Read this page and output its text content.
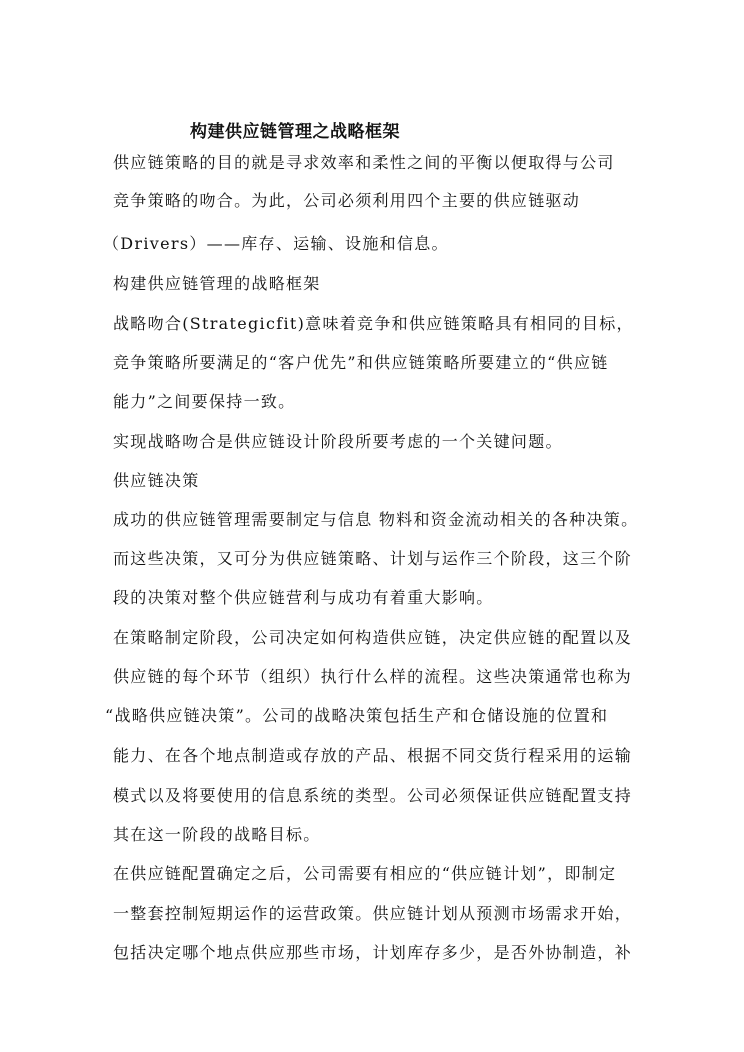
构建供应链管理之战略框架
供应链策略的目的就是寻求效率和柔性之间的平衡以便取得与公司
竞争策略的吻合。为此，公司必须利用四个主要的供应链驱动
（Drivers）——库存、运输、设施和信息。
构建供应链管理的战略框架
战略吻合(Strategicfit)意味着竞争和供应链策略具有相同的目标，
竞争策略所要满足的“客户优先”和供应链策略所要建立的“供应链
能力”之间要保持一致。
实现战略吻合是供应链设计阶段所要考虑的一个关键问题。
供应链决策
成功的供应链管理需要制定与信息 物料和资金流动相关的各种决策。
而这些决策，又可分为供应链策略、计划与运作三个阶段，这三个阶
段的决策对整个供应链营利与成功有着重大影响。
在策略制定阶段，公司决定如何构造供应链，决定供应链的配置以及
供应链的每个环节（组织）执行什么样的流程。这些决策通常也称为
“战略供应链决策”。公司的战略决策包括生产和仓储设施的位置和
能力、在各个地点制造或存放的产品、根据不同交货行程采用的运输
模式以及将要使用的信息系统的类型。公司必须保证供应链配置支持
其在这一阶段的战略目标。
在供应链配置确定之后，公司需要有相应的“供应链计划”，即制定
一整套控制短期运作的运营政策。供应链计划从预测市场需求开始，
包括决定哪个地点供应那些市场，计划库存多少，是否外协制造，补
